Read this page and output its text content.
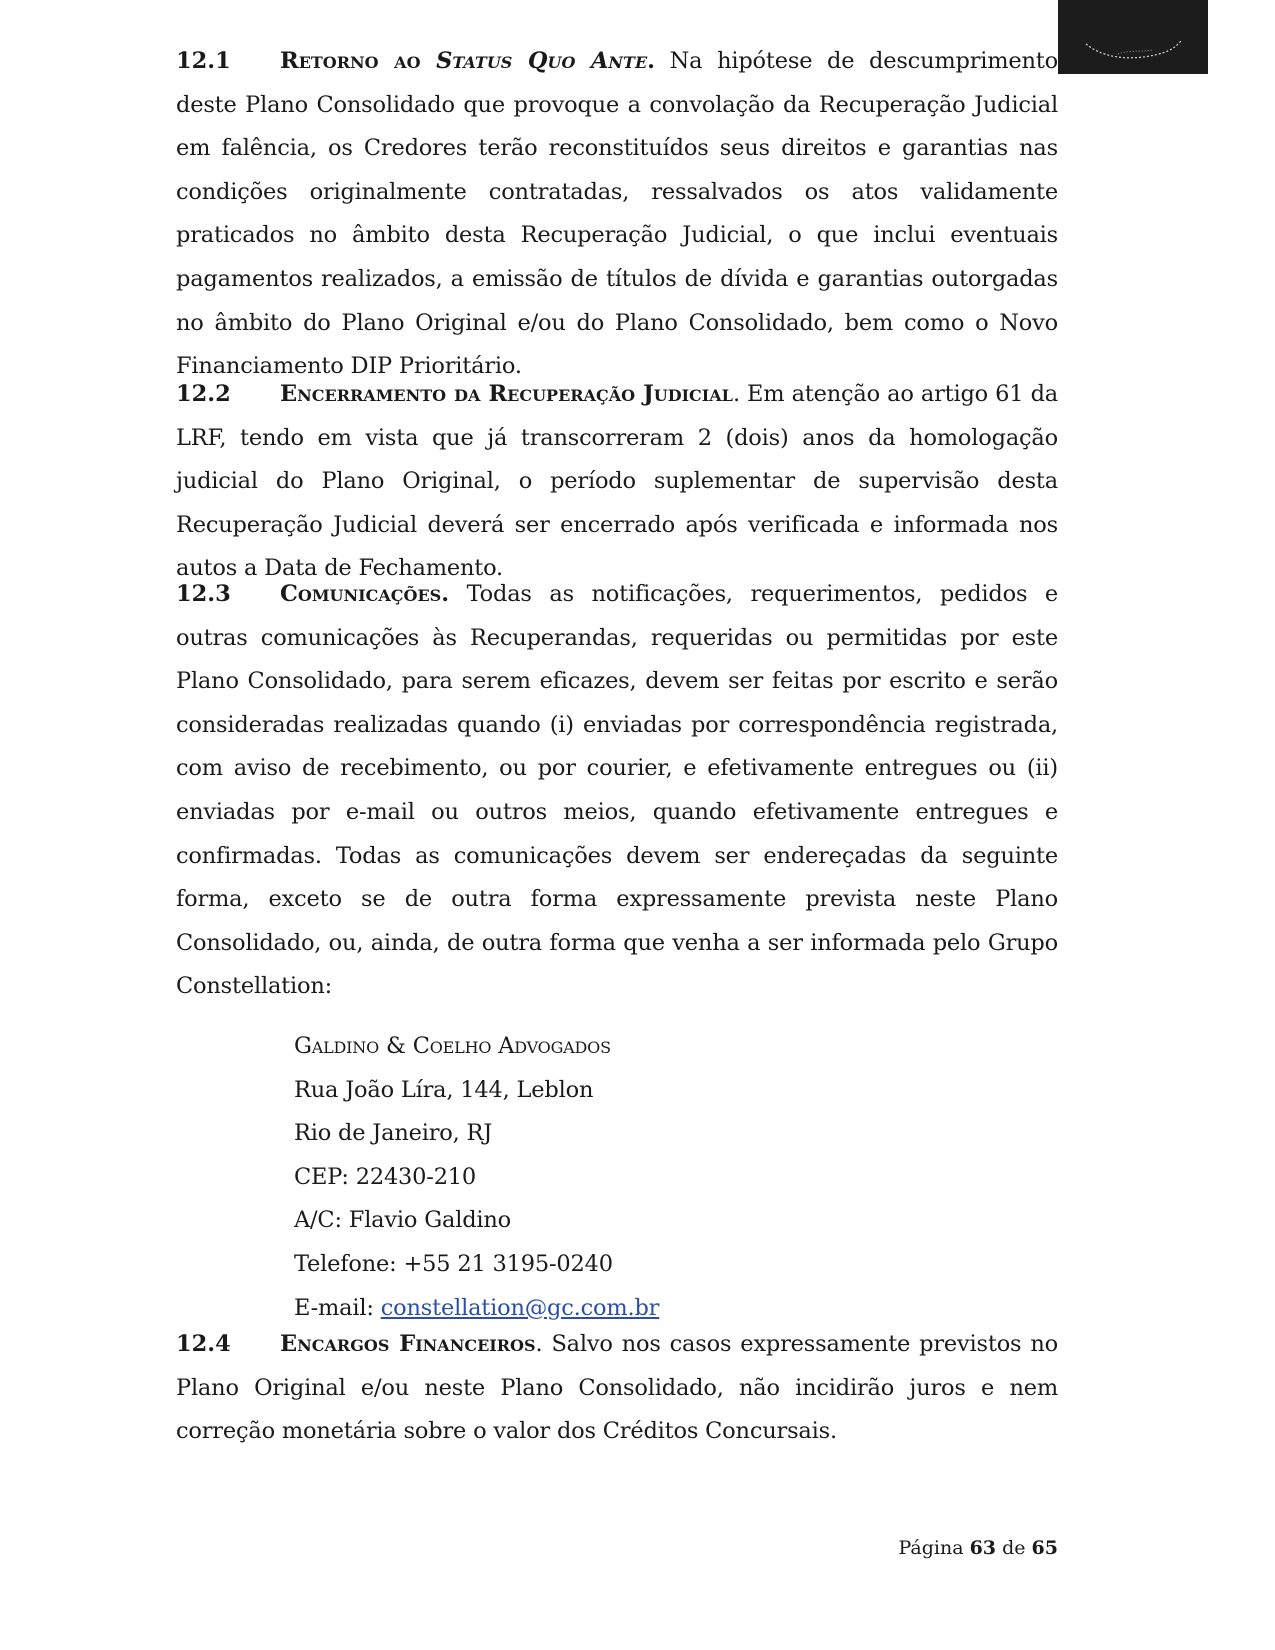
12.1 Retorno ao Status Quo Ante. Na hipótese de descumprimento deste Plano Consolidado que provoque a convolação da Recuperação Judicial em falência, os Credores terão reconstituídos seus direitos e garantias nas condições originalmente contratadas, ressalvados os atos validamente praticados no âmbito desta Recuperação Judicial, o que inclui eventuais pagamentos realizados, a emissão de títulos de dívida e garantias outorgadas no âmbito do Plano Original e/ou do Plano Consolidado, bem como o Novo Financiamento DIP Prioritário.

12.2 Encerramento da Recuperação Judicial. Em atenção ao artigo 61 da LRF, tendo em vista que já transcorreram 2 (dois) anos da homologação judicial do Plano Original, o período suplementar de supervisão desta Recuperação Judicial deverá ser encerrado após verificada e informada nos autos a Data de Fechamento.

12.3 Comunicações. Todas as notificações, requerimentos, pedidos e outras comunicações às Recuperandas, requeridas ou permitidas por este Plano Consolidado, para serem eficazes, devem ser feitas por escrito e serão consideradas realizadas quando (i) enviadas por correspondência registrada, com aviso de recebimento, ou por courier, e efetivamente entregues ou (ii) enviadas por e-mail ou outros meios, quando efetivamente entregues e confirmadas. Todas as comunicações devem ser endereçadas da seguinte forma, exceto se de outra forma expressamente prevista neste Plano Consolidado, ou, ainda, de outra forma que venha a ser informada pelo Grupo Constellation:

Galdino & Coelho Advogados

Rua João Líra, 144, Leblon

Rio de Janeiro, RJ

CEP: 22430-210

A/C: Flavio Galdino

Telefone: +55 21 3195-0240

E-mail: constellation@gc.com.br

12.4 Encargos Financeiros. Salvo nos casos expressamente previstos no Plano Original e/ou neste Plano Consolidado, não incidirão juros e nem correção monetária sobre o valor dos Créditos Concursais.

Página 63 de 65
